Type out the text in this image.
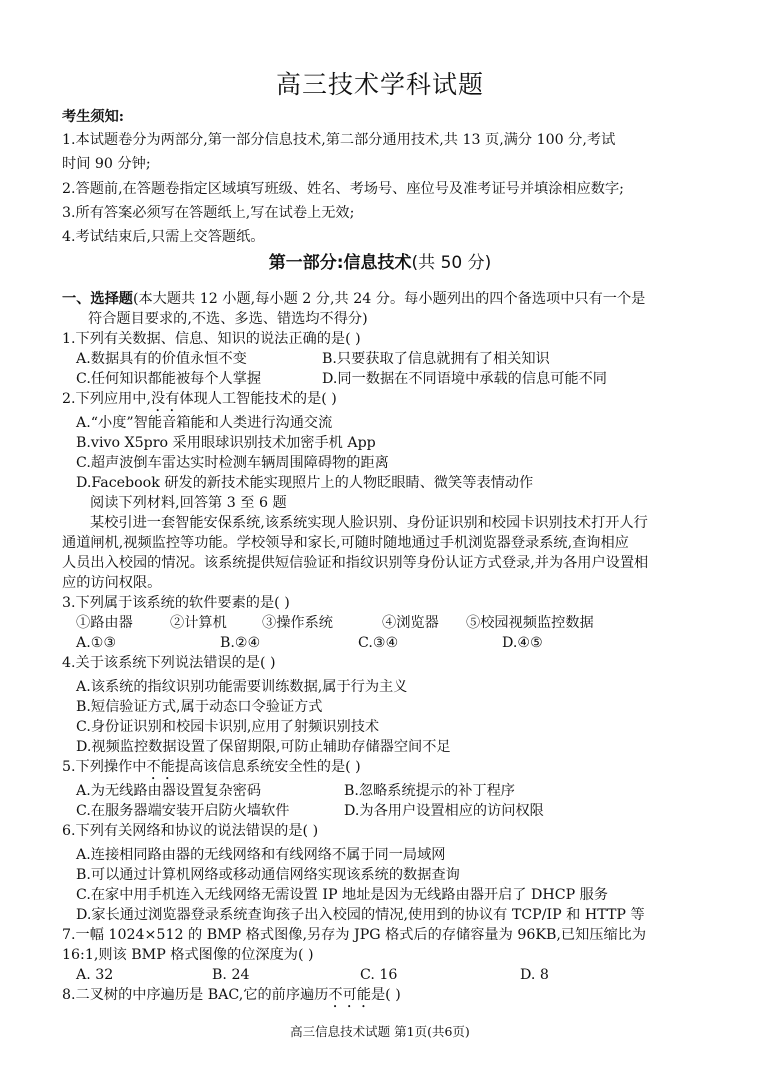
高三技术学科试题
考生须知:
1.本试题卷分为两部分,第一部分信息技术,第二部分通用技术,共 13 页,满分 100 分,考试
时间 90 分钟;
2.答题前,在答题卷指定区域填写班级、姓名、考场号、座位号及准考证号并填涂相应数字;
3.所有答案必须写在答题纸上,写在试卷上无效;
4.考试结束后,只需上交答题纸。
第一部分:信息技术(共 50 分)
一、选择题(本大题共 12 小题,每小题 2 分,共 24 分。每小题列出的四个备选项中只有一个是
符合题目要求的,不选、多选、错选均不得分)
1.下列有关数据、信息、知识的说法正确的是( )
A.数据具有的价值永恒不变	B.只要获取了信息就拥有了相关知识
C.任何知识都能被每个人掌握	D.同一数据在不同语境中承载的信息可能不同
2.下列应用中,没有体现人工智能技术的是( )
A.“小度”智能音箱能和人类进行沟通交流
B.vivo X5pro 采用眼球识别技术加密手机 App
C.超声波倒车雷达实时检测车辆周围障碍物的距离
D.Facebook 研发的新技术能实现照片上的人物眨眼睛、微笑等表情动作
阅读下列材料,回答第 3 至 6 题
某校引进一套智能安保系统,该系统实现人脸识别、身份证识别和校园卡识别技术打开人行
通道闸机,视频监控等功能。学校领导和家长,可随时随地通过手机浏览器登录系统,查询相应
人员出入校园的情况。该系统提供短信验证和指纹识别等身份认证方式登录,并为各用户设置相
应的访问权限。
3.下列属于该系统的软件要素的是( )
①路由器	②计算机	③操作系统	④浏览器	⑤校园视频监控数据
A.①③	B.②④	C.③④	D.④⑤
4.关于该系统下列说法错误的是( )
A.该系统的指纹识别功能需要训练数据,属于行为主义
B.短信验证方式,属于动态口令验证方式
C.身份证识别和校园卡识别,应用了射频识别技术
D.视频监控数据设置了保留期限,可防止辅助存储器空间不足
5.下列操作中不能提高该信息系统安全性的是( )
A.为无线路由器设置复杂密码	B.忽略系统提示的补丁程序
C.在服务器端安装开启防火墙软件	D.为各用户设置相应的访问权限
6.下列有关网络和协议的说法错误的是( )
A.连接相同路由器的无线网络和有线网络不属于同一局域网
B.可以通过计算机网络或移动通信网络实现该系统的数据查询
C.在家中用手机连入无线网络无需设置 IP 地址是因为无线路由器开启了 DHCP 服务
D.家长通过浏览器登录系统查询孩子出入校园的情况,使用到的协议有 TCP/IP 和 HTTP 等
7.一幅 1024×512 的 BMP 格式图像,另存为 JPG 格式后的存储容量为 96KB,已知压缩比为
16:1,则该 BMP 格式图像的位深度为( )
A. 32	B. 24	C. 16	D. 8
8.二叉树的中序遍历是 BAC,它的前序遍历不可能是( )
高三信息技术试题 第1页(共6页)
